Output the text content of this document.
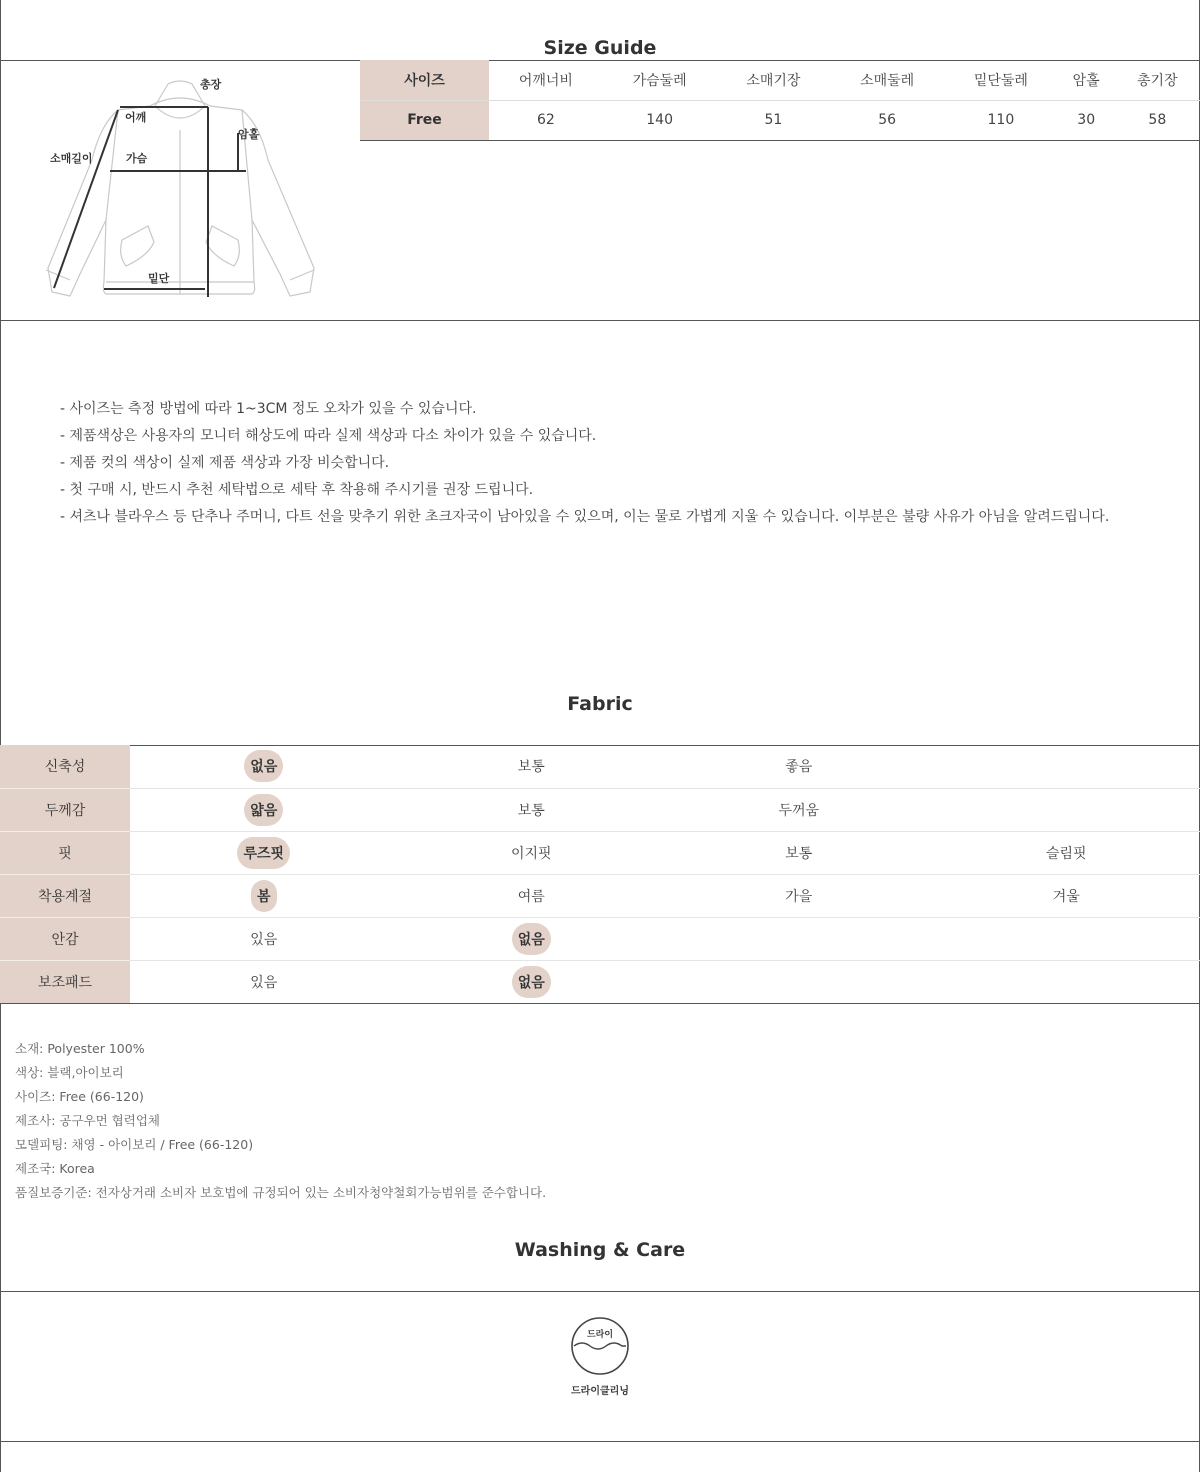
Size Guide
총장
어깨
암홀
소매길이	가슴
밑단
사이즈	어깨너비	가슴둘레	소매기장	소매둘레	밑단둘레	암홀	총기장
Free	62	140	51	56	110	30	58
- 사이즈는 측정 방법에 따라 1~3CM 정도 오차가 있을 수 있습니다.
- 제품색상은 사용자의 모니터 해상도에 따라 실제 색상과 다소 차이가 있을 수 있습니다.
- 제품 컷의 색상이 실제 제품 색상과 가장 비슷합니다.
- 첫 구매 시, 반드시 추천 세탁법으로 세탁 후 착용해 주시기를 권장 드립니다.
- 셔츠나 블라우스 등 단추나 주머니, 다트 선을 맞추기 위한 초크자국이 남아있을 수 있으며, 이는 물로 가볍게 지울 수 있습니다. 이부분은 불량 사유가 아님을 알려드립니다.
Fabric
신축성	없음	보통	좋음	
두께감	얇음	보통	두꺼움	
핏	루즈핏	이지핏	보통	슬림핏
착용계절	봄	여름	가을	겨울
안감	있음	없음		
보조패드	있음	없음		
소재: Polyester 100%
색상: 블랙,아이보리
사이즈: Free (66-120)
제조사: 공구우먼 협력업체
모델피팅: 채영 - 아이보리 / Free (66-120)
제조국: Korea
품질보증기준: 전자상거래 소비자 보호법에 규정되어 있는 소비자청약철회가능범위를 준수합니다.
Washing & Care
드라이
드라이클리닝
